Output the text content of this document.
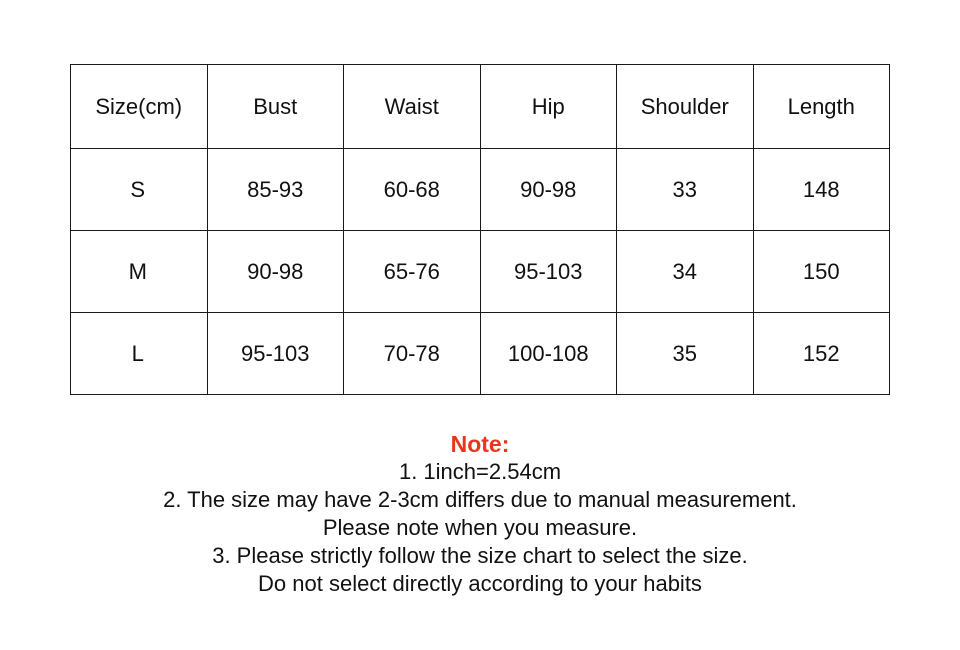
Size(cm)	Bust	Waist	Hip	Shoulder	Length
S	85-93	60-68	90-98	33	148
M	90-98	65-76	95-103	34	150
L	95-103	70-78	100-108	35	152
Note:
1. 1inch=2.54cm
2. The size may have 2-3cm differs due to manual measurement.
Please note when you measure.
3. Please strictly follow the size chart to select the size.
Do not select directly according to your habits
